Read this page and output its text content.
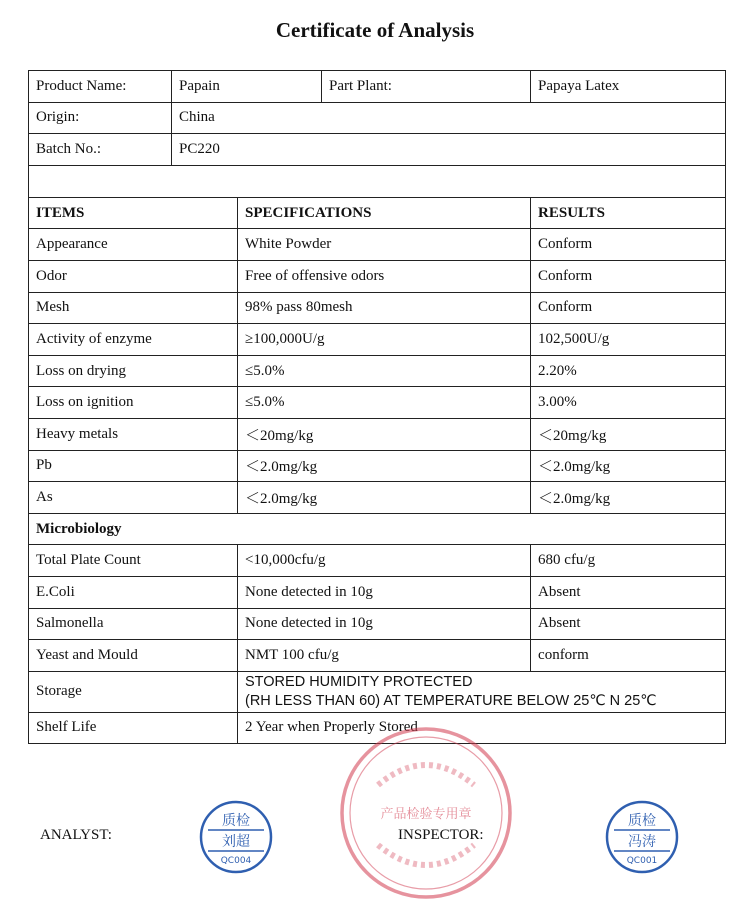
Certificate of Analysis
Product Name:	Papain		Part Plant:	Papaya Latex
Origin:	China			
Batch No.:	PC220			

ITEMS		SPECIFICATIONS		RESULTS
Appearance		White Powder		Conform
Odor		Free of offensive odors		Conform
Mesh		98% pass 80mesh		Conform
Activity of enzyme		≥100,000U/g		102,500U/g
Loss on drying		≤5.0%		2.20%
Loss on ignition		≤5.0%		3.00%
Heavy metals		＜20mg/kg		＜20mg/kg
Pb		＜2.0mg/kg		＜2.0mg/kg
As		＜2.0mg/kg		＜2.0mg/kg
Microbiology				
Total Plate Count		<10,000cfu/g		680 cfu/g
E.Coli		None detected in 10g		Absent
Salmonella		None detected in 10g		Absent
Yeast and Mould		NMT 100 cfu/g		conform
Storage		STORED HUMIDITY PROTECTED
(RH LESS THAN 60) AT TEMPERATURE BELOW 25℃ N 25℃		

Shelf Life		2 Year when Properly Stored		
产品检验专用章
ANALYST:	INSPECTOR:
质检
刘超
QC004
质检
冯涛
QC001
